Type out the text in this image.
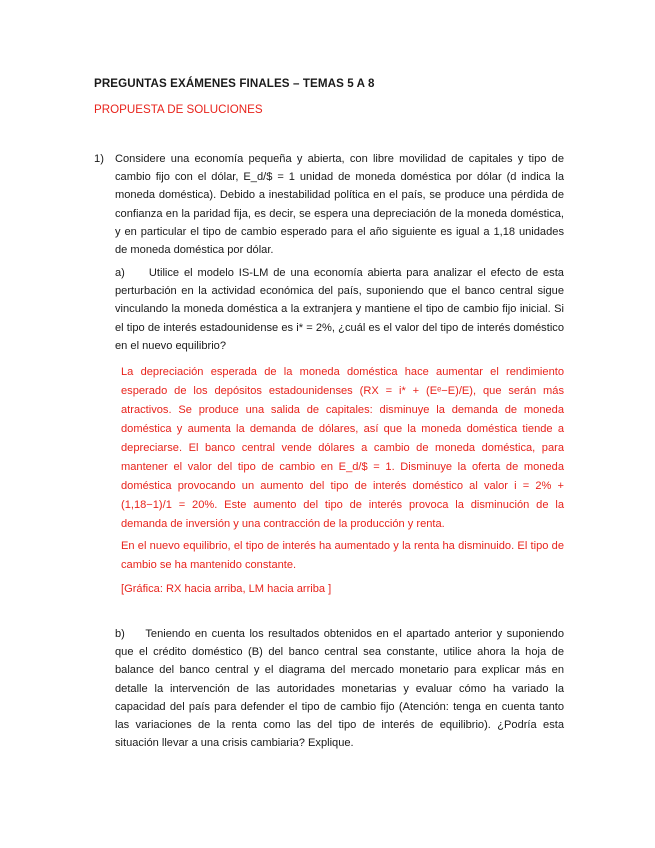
PREGUNTAS EXÁMENES FINALES – TEMAS 5 A 8
PROPUESTA DE SOLUCIONES
1) Considere una economía pequeña y abierta, con libre movilidad de capitales y tipo de cambio fijo con el dólar, E_d/$ = 1 unidad de moneda doméstica por dólar (d indica la moneda doméstica). Debido a inestabilidad política en el país, se produce una pérdida de confianza en la paridad fija, es decir, se espera una depreciación de la moneda doméstica, y en particular el tipo de cambio esperado para el año siguiente es igual a 1,18 unidades de moneda doméstica por dólar.
a) Utilice el modelo IS-LM de una economía abierta para analizar el efecto de esta perturbación en la actividad económica del país, suponiendo que el banco central sigue vinculando la moneda doméstica a la extranjera y mantiene el tipo de cambio fijo inicial. Si el tipo de interés estadounidense es i* = 2%, ¿cuál es el valor del tipo de interés doméstico en el nuevo equilibrio?
La depreciación esperada de la moneda doméstica hace aumentar el rendimiento esperado de los depósitos estadounidenses (RX = i* + (Eᵉ−E)/E), que serán más atractivos. Se produce una salida de capitales: disminuye la demanda de moneda doméstica y aumenta la demanda de dólares, así que la moneda doméstica tiende a depreciarse. El banco central vende dólares a cambio de moneda doméstica, para mantener el valor del tipo de cambio en E_d/$ = 1. Disminuye la oferta de moneda doméstica provocando un aumento del tipo de interés doméstico al valor i = 2% + (1,18−1)/1 = 20%. Este aumento del tipo de interés provoca la disminución de la demanda de inversión y una contracción de la producción y renta.
En el nuevo equilibrio, el tipo de interés ha aumentado y la renta ha disminuido. El tipo de cambio se ha mantenido constante.
[Gráfica: RX hacia arriba, LM hacia arriba ]
b) Teniendo en cuenta los resultados obtenidos en el apartado anterior y suponiendo que el crédito doméstico (B) del banco central sea constante, utilice ahora la hoja de balance del banco central y el diagrama del mercado monetario para explicar más en detalle la intervención de las autoridades monetarias y evaluar cómo ha variado la capacidad del país para defender el tipo de cambio fijo (Atención: tenga en cuenta tanto las variaciones de la renta como las del tipo de interés de equilibrio). ¿Podría esta situación llevar a una crisis cambiaria? Explique.
